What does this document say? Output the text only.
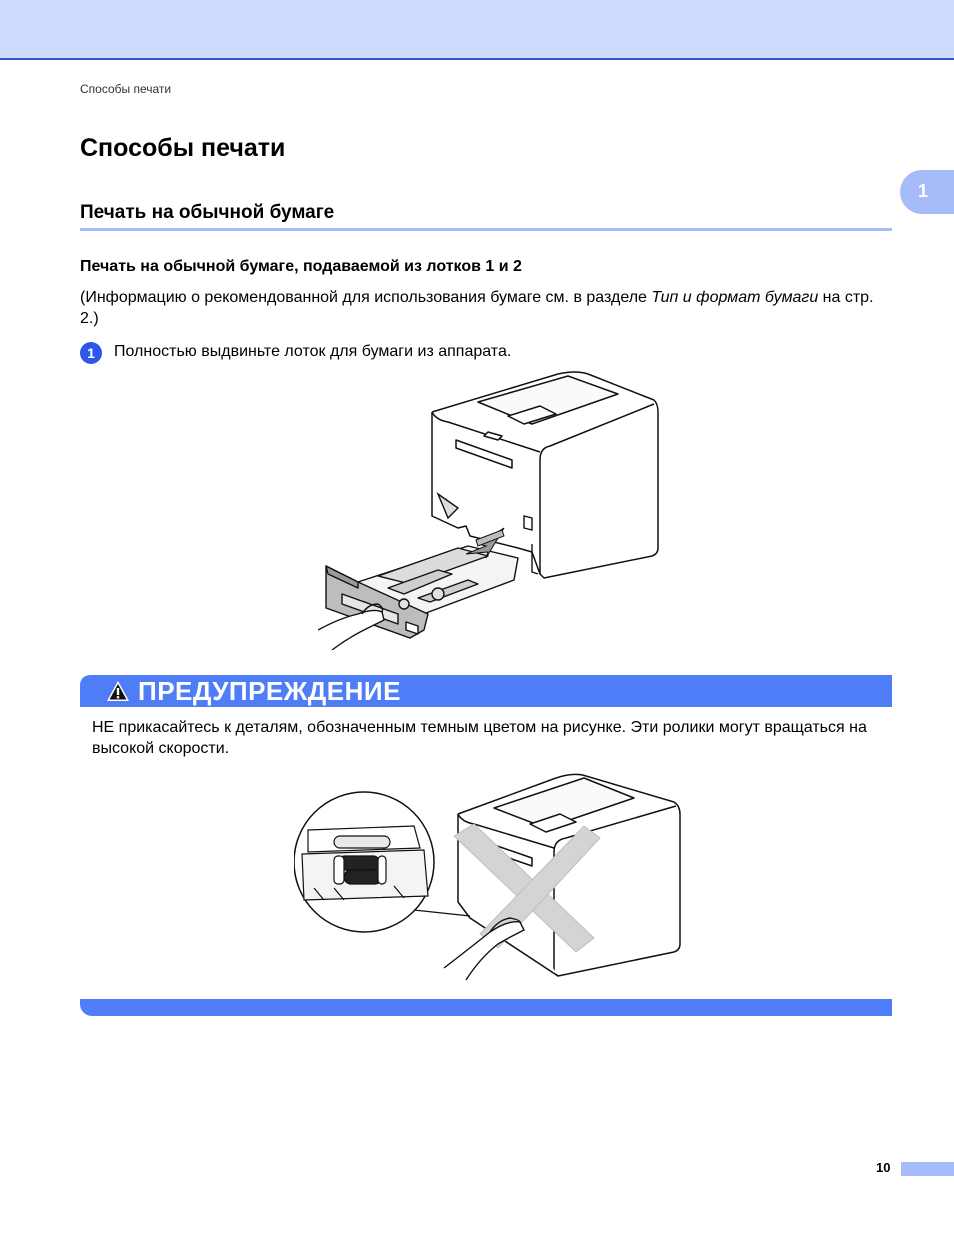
Способы печати
Способы печати
1
Печать на обычной бумаге
Печать на обычной бумаге, подаваемой из лотков 1 и 2

(Информацию о рекомендованной для использования бумаге см. в разделе Тип и формат бумаги на стр. 2.)

1	Полностью выдвиньте лоток для бумаги из аппарата.

ПРЕДУПРЕЖДЕНИЕ

НЕ прикасайтесь к деталям, обозначенным темным цветом на рисунке. Эти ролики могут вращаться на высокой скорости.

10
